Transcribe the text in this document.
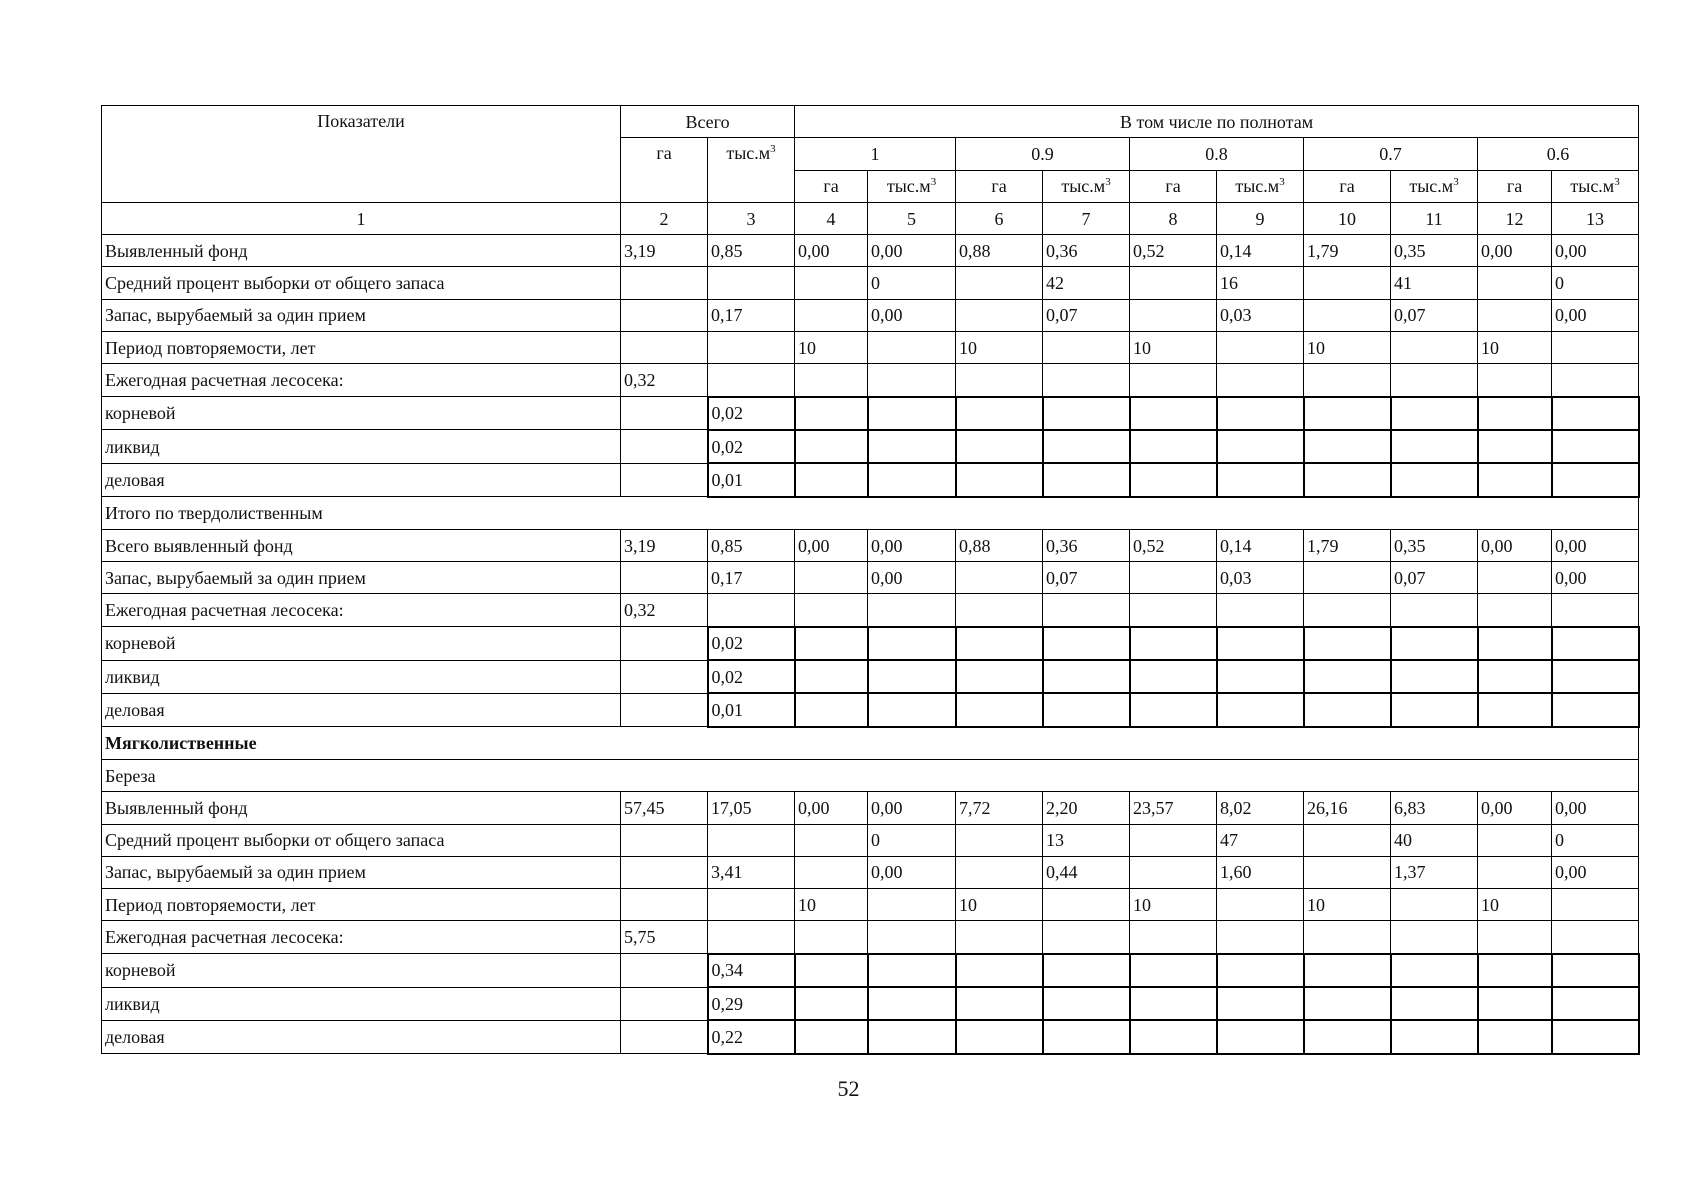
Показатели	Всего		В том числе по полнотам									
	га	$тыс.м^3$	1		0.9		0.8		0.7		0.6	
			га	$тыс.м^3$	га	$тыс.м^3$	га	$тыс.м^3$	га	$тыс.м^3$	га	$тыс.м^3$
1	2	3	4	5	6	7	8	9	10	11	12	13
Выявленный фонд	3,19	0,85	0,00	0,00	0,88	0,36	0,52	0,14	1,79	0,35	0,00	0,00
Средний процент выборки от общего запаса				0		42		16		41		0
Запас, вырубаемый за один прием		0,17		0,00		0,07		0,03		0,07		0,00
Период повторяемости, лет			10		10		10		10		10	
Ежегодная расчетная лесосека:	0,32											
корневой		0,02										
ликвид		0,02										
деловая		0,01										
Итого по твердолиственным												
Всего выявленный фонд	3,19	0,85	0,00	0,00	0,88	0,36	0,52	0,14	1,79	0,35	0,00	0,00
Запас, вырубаемый за один прием		0,17		0,00		0,07		0,03		0,07		0,00
Ежегодная расчетная лесосека:	0,32											
корневой		0,02										
ликвид		0,02										
деловая		0,01										
Мягколиственные												
Береза												
Выявленный фонд	57,45	17,05	0,00	0,00	7,72	2,20	23,57	8,02	26,16	6,83	0,00	0,00
Средний процент выборки от общего запаса				0		13		47		40		0
Запас, вырубаемый за один прием		3,41		0,00		0,44		1,60		1,37		0,00
Период повторяемости, лет			10		10		10		10		10	
Ежегодная расчетная лесосека:	5,75											
корневой		0,34										
ликвид		0,29										
деловая		0,22										
52
